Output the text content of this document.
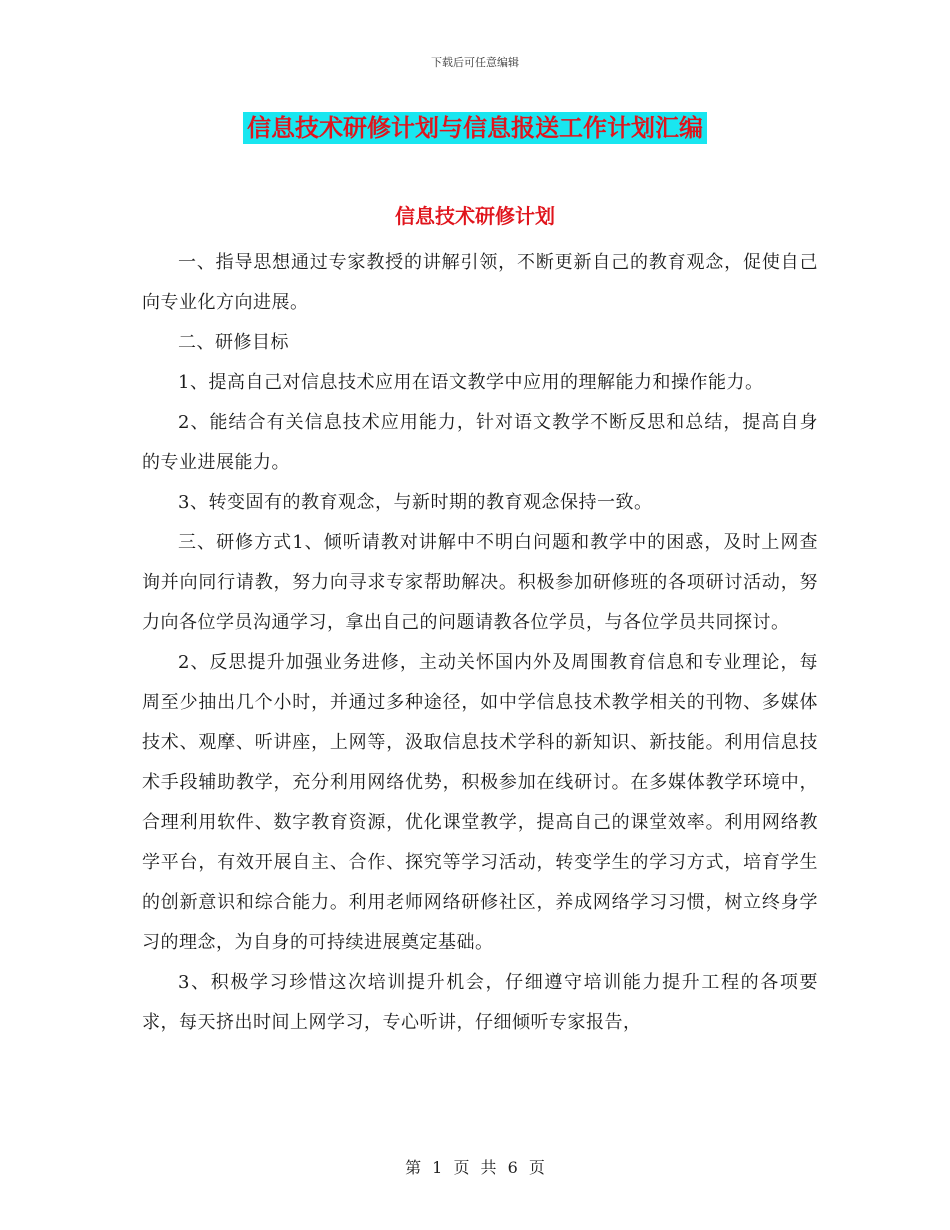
下载后可任意编辑
信息技术研修计划与信息报送工作计划汇编
信息技术研修计划

一、指导思想通过专家教授的讲解引领，不断更新自己的教育观念，促使自己向专业化方向进展。

二、研修目标

1、提高自己对信息技术应用在语文教学中应用的理解能力和操作能力。

2、能结合有关信息技术应用能力，针对语文教学不断反思和总结，提高自身的专业进展能力。

3、转变固有的教育观念，与新时期的教育观念保持一致。

三、研修方式1、倾听请教对讲解中不明白问题和教学中的困惑，及时上网查询并向同行请教，努力向寻求专家帮助解决。积极参加研修班的各项研讨活动，努力向各位学员沟通学习，拿出自己的问题请教各位学员，与各位学员共同探讨。

2、反思提升加强业务进修，主动关怀国内外及周围教育信息和专业理论，每周至少抽出几个小时，并通过多种途径，如中学信息技术教学相关的刊物、多媒体技术、观摩、听讲座，上网等，汲取信息技术学科的新知识、新技能。利用信息技术手段辅助教学，充分利用网络优势，积极参加在线研讨。在多媒体教学环境中，合理利用软件、数字教育资源，优化课堂教学，提高自己的课堂效率。利用网络教学平台，有效开展自主、合作、探究等学习活动，转变学生的学习方式，培育学生的创新意识和综合能力。利用老师网络研修社区，养成网络学习习惯，树立终身学习的理念，为自身的可持续进展奠定基础。

3、积极学习珍惜这次培训提升机会，仔细遵守培训能力提升工程的各项要求，每天挤出时间上网学习，专心听讲，仔细倾听专家报告，

第 1 页 共 6 页
